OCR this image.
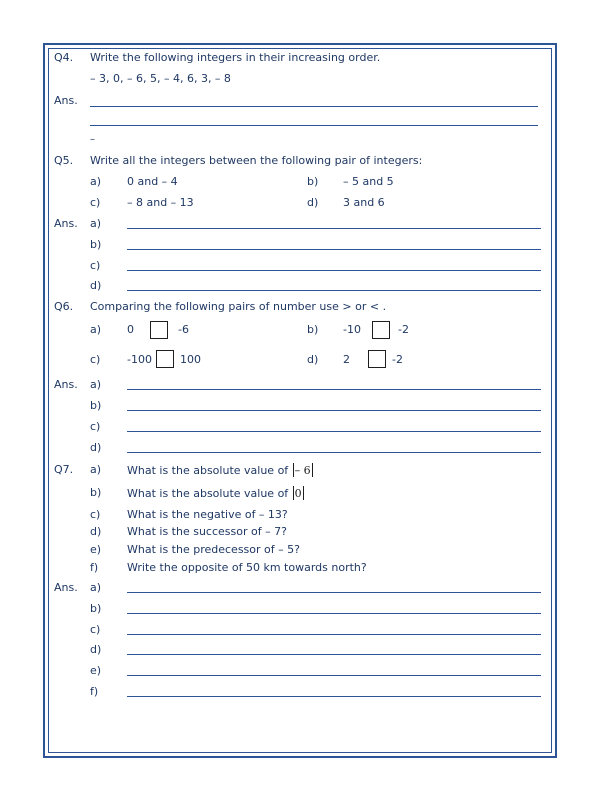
Q4. Write the following integers in their increasing order.
– 3, 0, – 6, 5, – 4, 6, 3, – 8
Ans.
–
Q5. Write all the integers between the following pair of integers:
a) 0 and – 4	b) – 5 and 5
c) – 8 and – 13	d) 3 and 6
Ans. a)
b)
c)
d)
Q6. Comparing the following pairs of number use > or < .
a) 0	-6	b) -10	-2
c) -100	100	d) 2	-2
Ans. a)
b)
c)
d)
Q7. a) What is the absolute value of – 6
b) What is the absolute value of 0
c) What is the negative of – 13?
d) What is the successor of – 7?
e) What is the predecessor of – 5?
f)	Write the opposite of 50 km towards north?
Ans. a)
b)
c)
d)
e)
f)
